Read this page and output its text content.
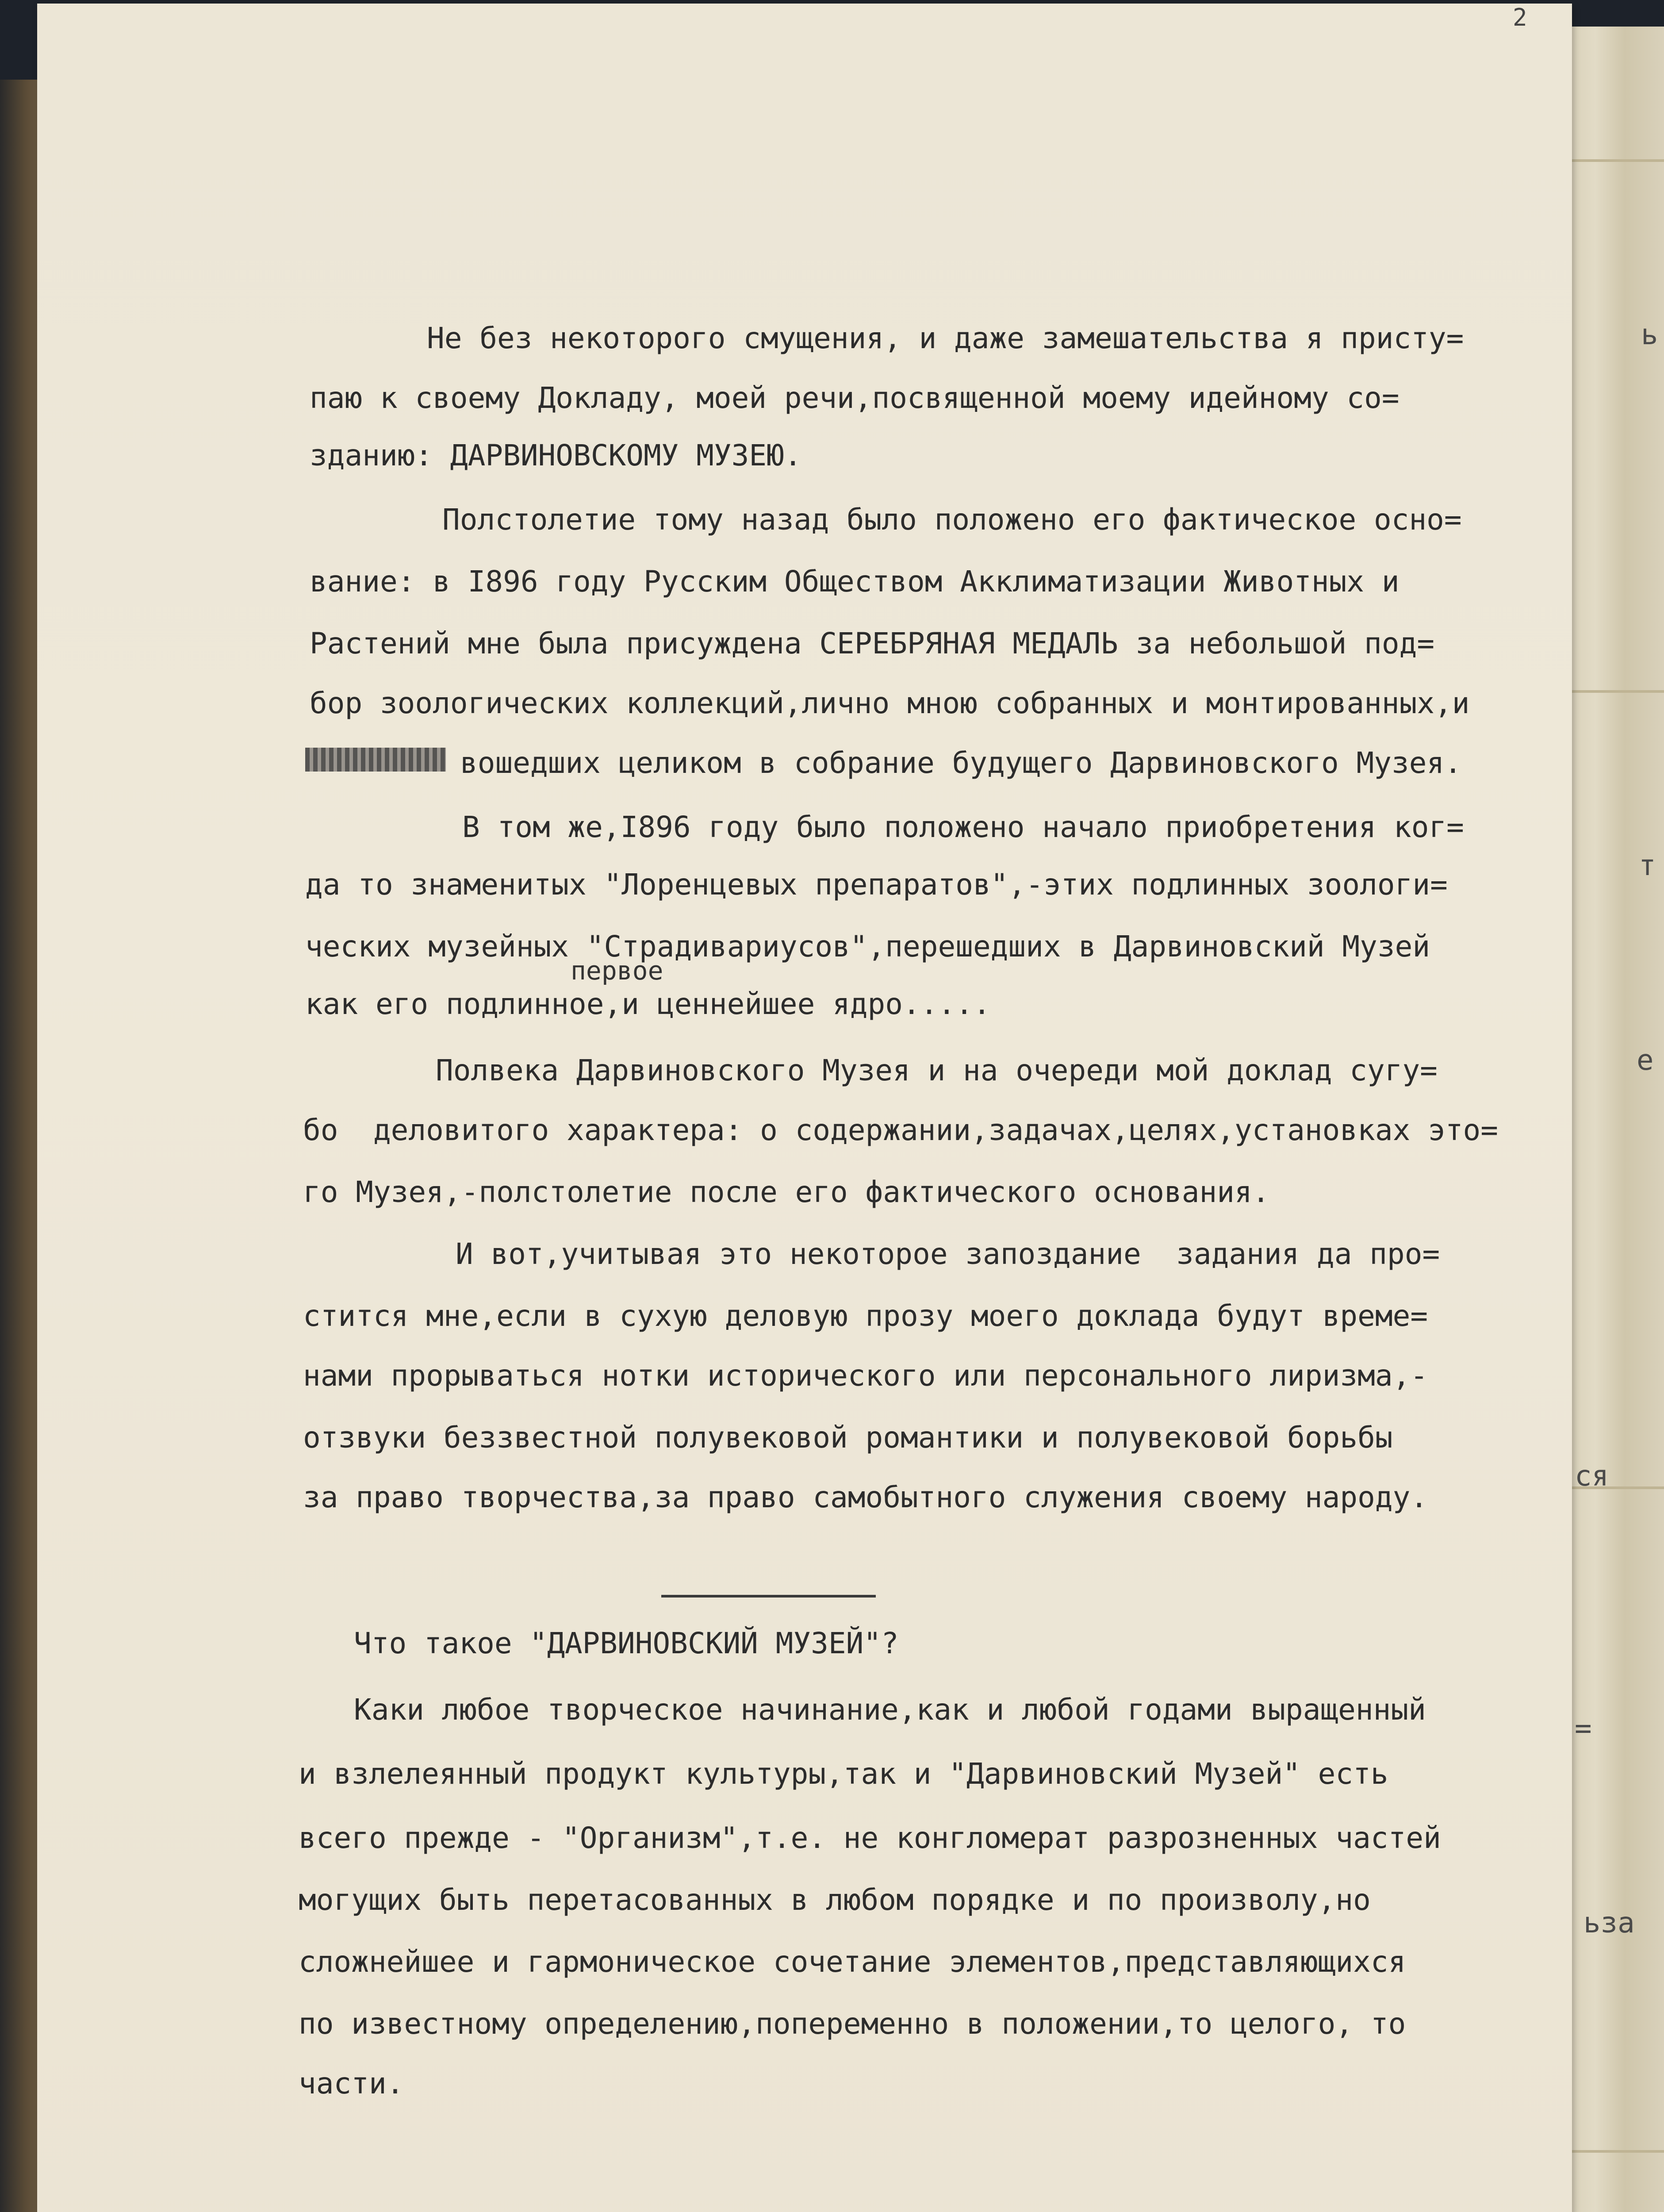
ь
т
е
ся
=
ьза
2
Не без некоторого смущения, и даже замешательства я присту=
паю к своему Докладу, моей речи,посвященной моему идейному со=
зданию: ДАРВИНОВСКОМУ МУЗЕЮ.
Полстолетие тому назад было положено его фактическое осно=
вание: в I896 году Русским Обществом Акклиматизации Животных и
Растений мне была присуждена СЕРЕБРЯНАЯ МЕДАЛЬ за небольшой под=
бор зоологических коллекций,лично мною собранных и монтированных,и
вошедших целиком в собрание будущего Дарвиновского Музея.
В том же,I896 году было положено начало приобретения ког=
да то знаменитых "Лоренцевых препаратов",-этих подлинных зоологи=
ческих музейных "Страдивариусов",перешедших в Дарвиновский Музей
первое
как его подлинное,и ценнейшее ядро.....
Полвека Дарвиновского Музея и на очереди мой доклад сугу=
бо  деловитого характера: о содержании,задачах,целях,установках это=
го Музея,-полстолетие после его фактического основания.
И вот,учитывая это некоторое запоздание  задания да про=
стится мне,если в сухую деловую прозу моего доклада будут време=
нами прорываться нотки исторического или персонального лиризма,-
отзвуки беззвестной полувековой романтики и полувековой борьбы
за право творчества,за право самобытного служения своему народу.
Что такое "ДАРВИНОВСКИЙ МУЗЕЙ"?
Каки любое творческое начинание,как и любой годами выращенный
и взлелеянный продукт культуры,так и "Дарвиновский Музей" есть
всего прежде - "Организм",т.е. не конгломерат разрозненных частей
могущих быть перетасованных в любом порядке и по произволу,но
сложнейшее и гармоническое сочетание элементов,представляющихся
по известному определению,попеременно в положении,то целого, то
части.
